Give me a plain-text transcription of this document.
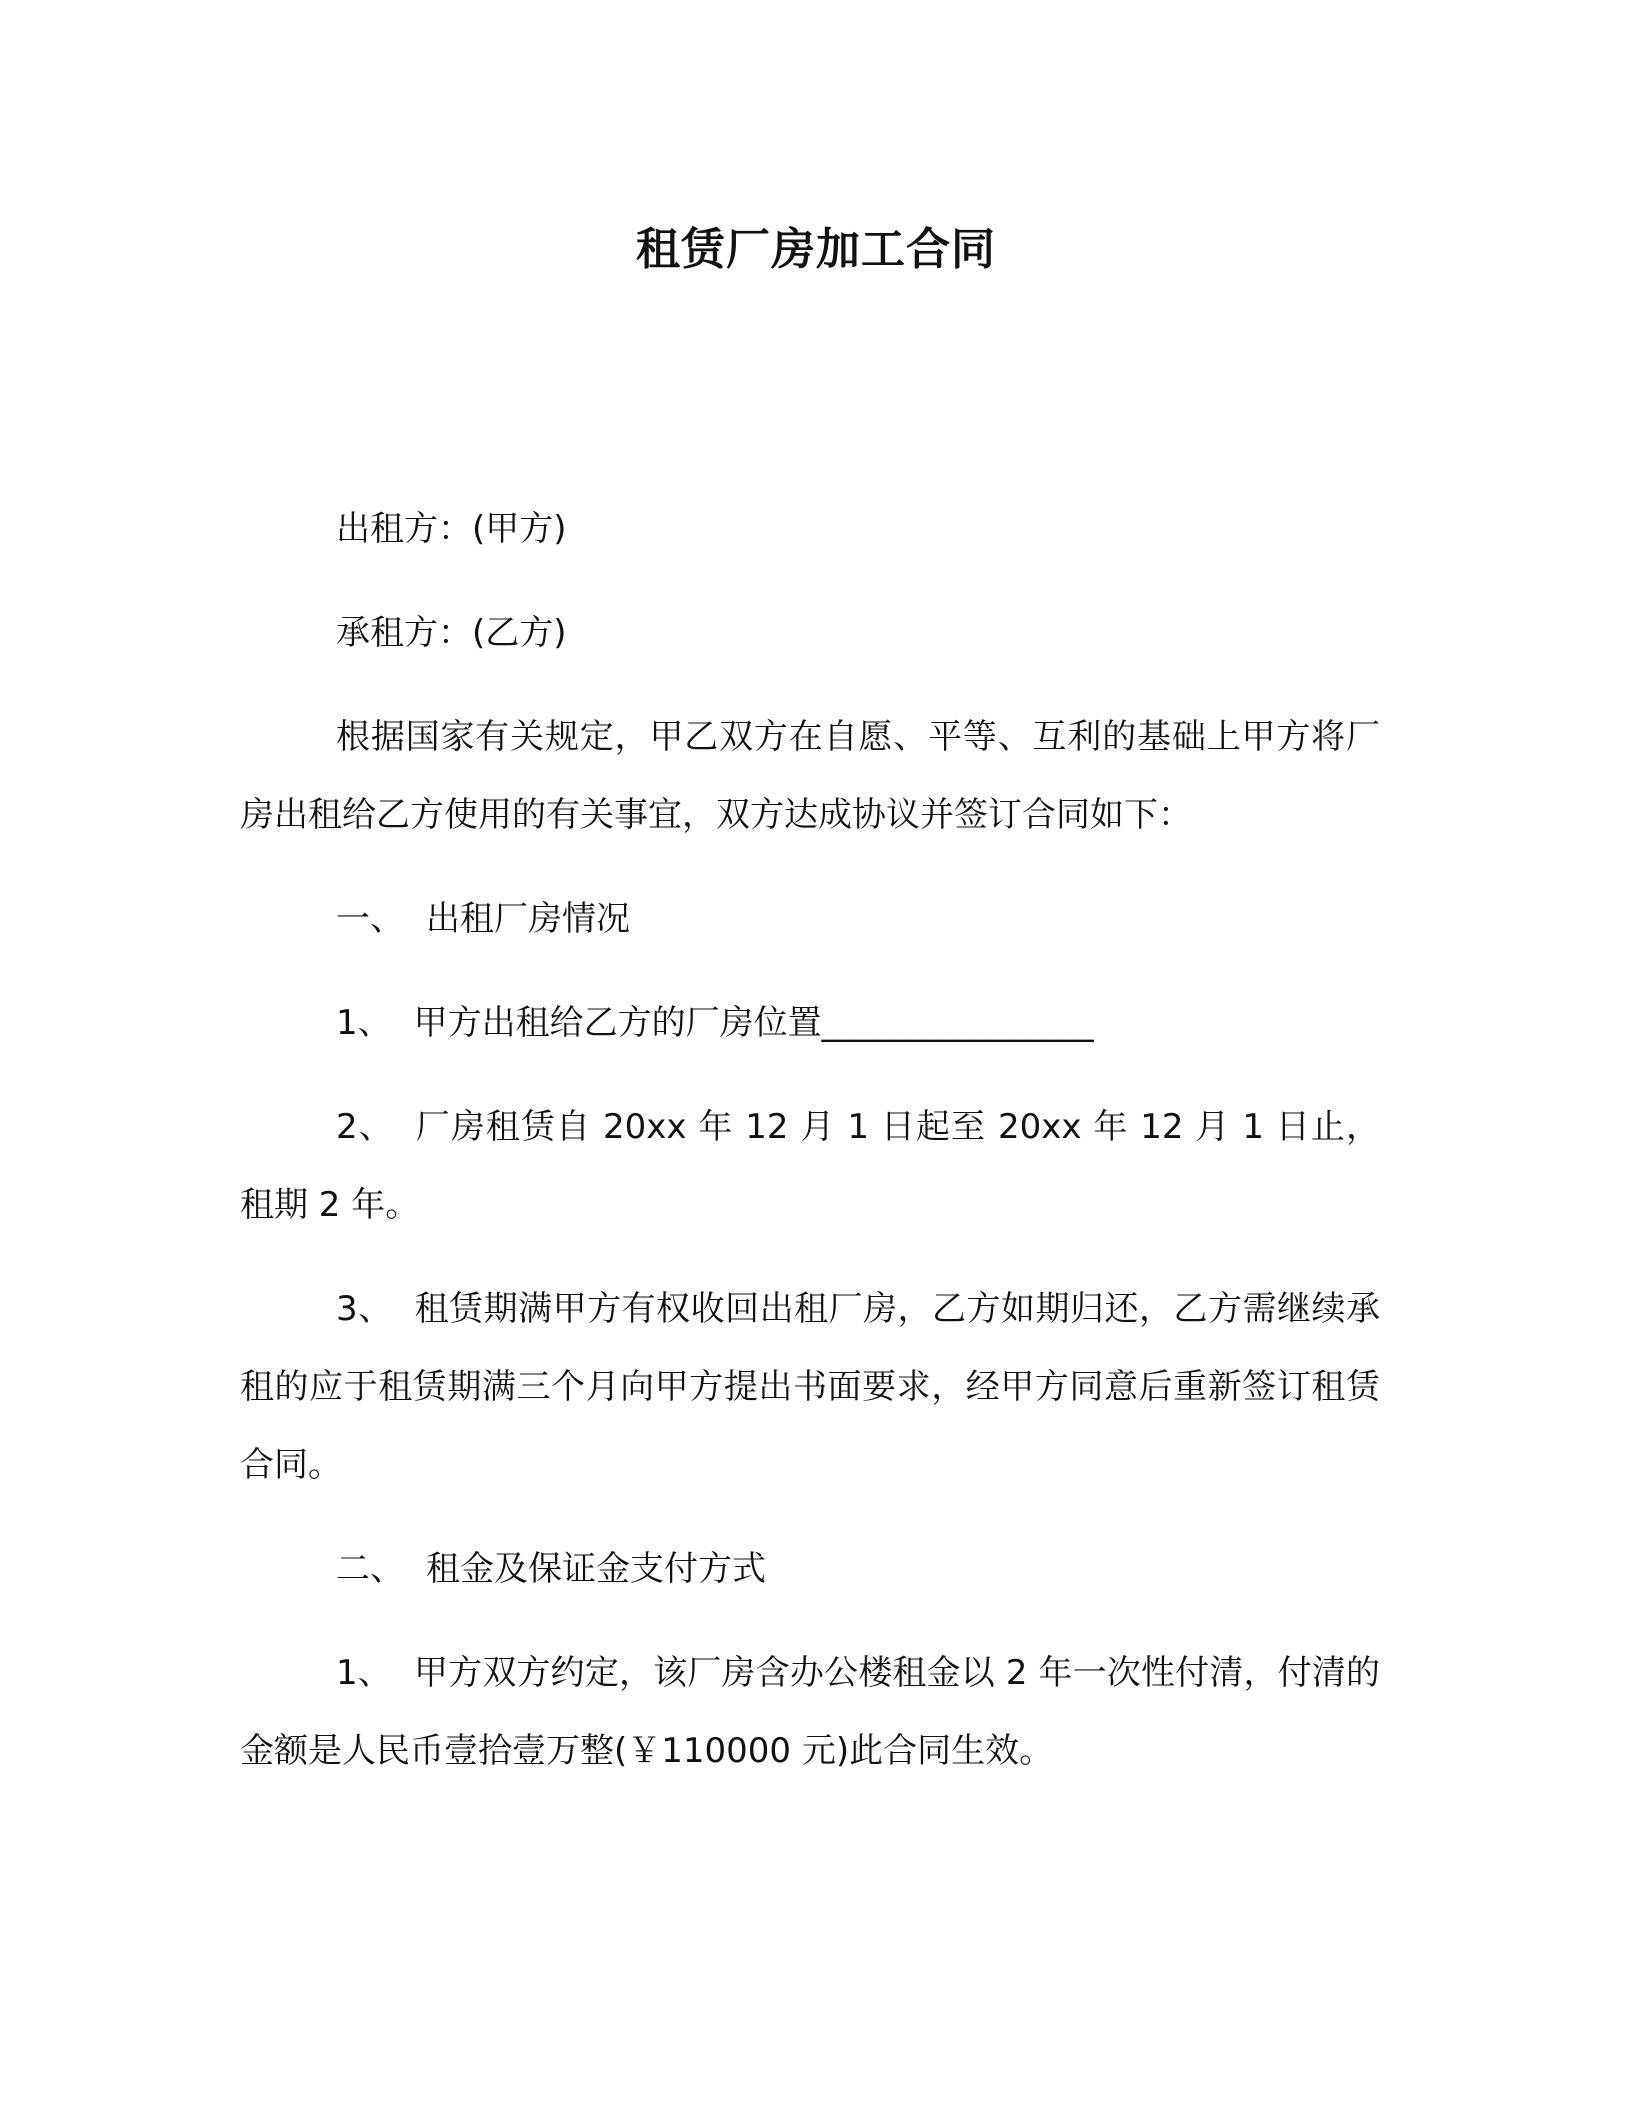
租赁厂房加工合同

出租方：(甲方)

承租方：(乙方)

根据国家有关规定，甲乙双方在自愿、平等、互利的基础上甲方将厂房出租给乙方使用的有关事宜，双方达成协议并签订合同如下：

一、 出租厂房情况

1、 甲方出租给乙方的厂房位置________________

2、 厂房租赁自 20xx 年 12 月 1 日起至 20xx 年 12 月 1 日止，租期 2 年。

3、 租赁期满甲方有权收回出租厂房，乙方如期归还，乙方需继续承租的应于租赁期满三个月向甲方提出书面要求，经甲方同意后重新签订租赁合同。

二、 租金及保证金支付方式

1、 甲方双方约定，该厂房含办公楼租金以 2 年一次性付清，付清的金额是人民币壹拾壹万整(￥110000 元)此合同生效。
